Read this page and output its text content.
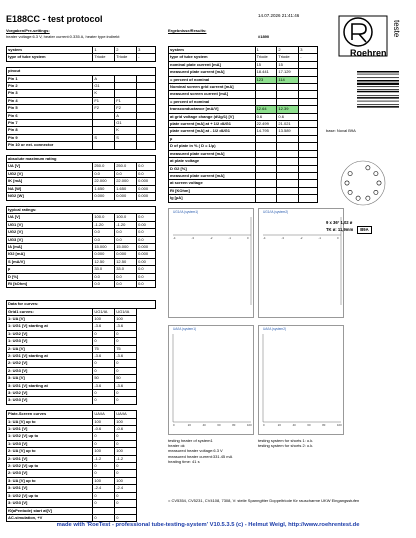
E188CC - test protocol	14.07.2026 21:41:46
Vorgaben/Pre-settings:
heater voltage:6.3 V, heater current:0.335 A, heater type:indirekt
system	1	2	3
type of tube system	Triode	Triode	-

pinout			
Pin 1	A		
Pin 2	G1		
Pin 3	K		
Pin 4	F1	F1	
Pin 5	F2	F2	
Pin 6		A	
Pin 7		G1	
Pin 8		K	
Pin 9	S	S	
Pin 10 or ext. connector			

absolute maximum rating			
UA [V]	250.0	250.0	0.0
UG2 [V]	0.0	0.0	0.0
IK [mA]	22.000	22.000	0.000
NA [W]	1.650	1.650	0.000
NG2 [W]	0.000	0.000	0.000

typical ratings:			
UA [V]	100.0	100.0	0.0
UG1 [V]	-1.20	-1.20	0.00
UG2 [V]	0.0	0.0	0.0
UG3 [V]	0.0	0.0	0.0
IA [mA]	15.000	15.000	0.000
IG2 [mA]	0.000	0.000	0.000
S [mA/V]	12.50	12.50	0.00
µ	33.0	33.0	0.0
D [%]	0.0	0.0	0.0
Ri [kOhm]	0.0	0.0	0.0

Data for curves:			
Grid1 curves:	UG1/IA	UG1/IA	
1: UA [V]	100	100	
1: UG1 [V] starting at	-3.6	-3.6	
1: UG2 [V]	0	0	
1: UG3 [V]	0	0	
2: UA [V]	75	75	
2: UG1 [V] starting at	-3.6	-3.6	
2: UG2 [V]	0	0	
2: UG3 [V]	0	0	
3: UA [V]	50	50	
3: UG1 [V] starting at	-3.6	-3.6	
3: UG2 [V]	0	0	
3: UG3 [V]	0	0	

Plate-Screen curves	UA/IA	UA/IA	
1: UA [V] up to	100	100	
1: UG1 [V]	-0.6	-0.6	
1: UG2 [V] up to	0	0	
1: UG3 [V]	0	0	
2: UA [V] up to	100	100	
2: UG1 [V]	-1.2	-1.2	
2: UG2 [V] up to	0	0	
2: UG3 [V]	0	0	
3: UA [V] up to	100	100	
3: UG1 [V]	-2.4	-2.4	
3: UG2 [V] up to	0	0	
3: UG3 [V]	0	0	
f0(aPentode) start at[V]			
AC-simulation, +V	0	0	
Ergebnisse/Results:
#1890
system	1	2	3
type of tube system	Triode	Triode	-
nominal plate current [mA]	15	15	
measured plate current [mA]	18.441	17.129	
= percent of nominal	123	114	
Nominal screen grid current [mA]			
measured screen current [mA]			
= percent of nominal			
transconductance [mA/V]	12.64	12.39	
at grid voltage change (dUg/1) [V]	0.6	0.6	
plate current [mA] at + 1/2 dUG1	22.499	21.021	
plate current [mA] at - 1/2 dUG1	14.795	13.589	
µ			
D of plate in % ( D = 1/µ)			
measured plate current [mA]			
at plate voltage			
D G2 [%]			
measured plate current [mA]			
at screen voltage			
Ri [KOhm]			
Ig [µA]			
UG1/IA (system1)
-4	-3	-2	-1	0
UG1/IA (system2)
-4	-3	-2	-1	0
UA/IA (system1)
0	20	40	60	80	100
UA/IA (system2)
0	20	40	60	80	100
testing heater of system1
heater ok
measured heater voltage:6.3 V
measured heater current:331.45 mA
heating time: 41 s
testing system for shorts 1: o.k.
testing system for shorts 2: o.k.
= CV5354, CV5231, CV4108, 7308, V: steile Spanngitter Doppeltriode für rauscharme UKW Eingangsstufen
Roehren
teste
base: Noval B9A
9 x 36° 1,02 ø
TK ø: 11,9mm	B9A
made with 'RoeTest - professional tube-testing-system' V10.5.3.5 (c) - Helmut Weigl, http://www.roehrentest.de
